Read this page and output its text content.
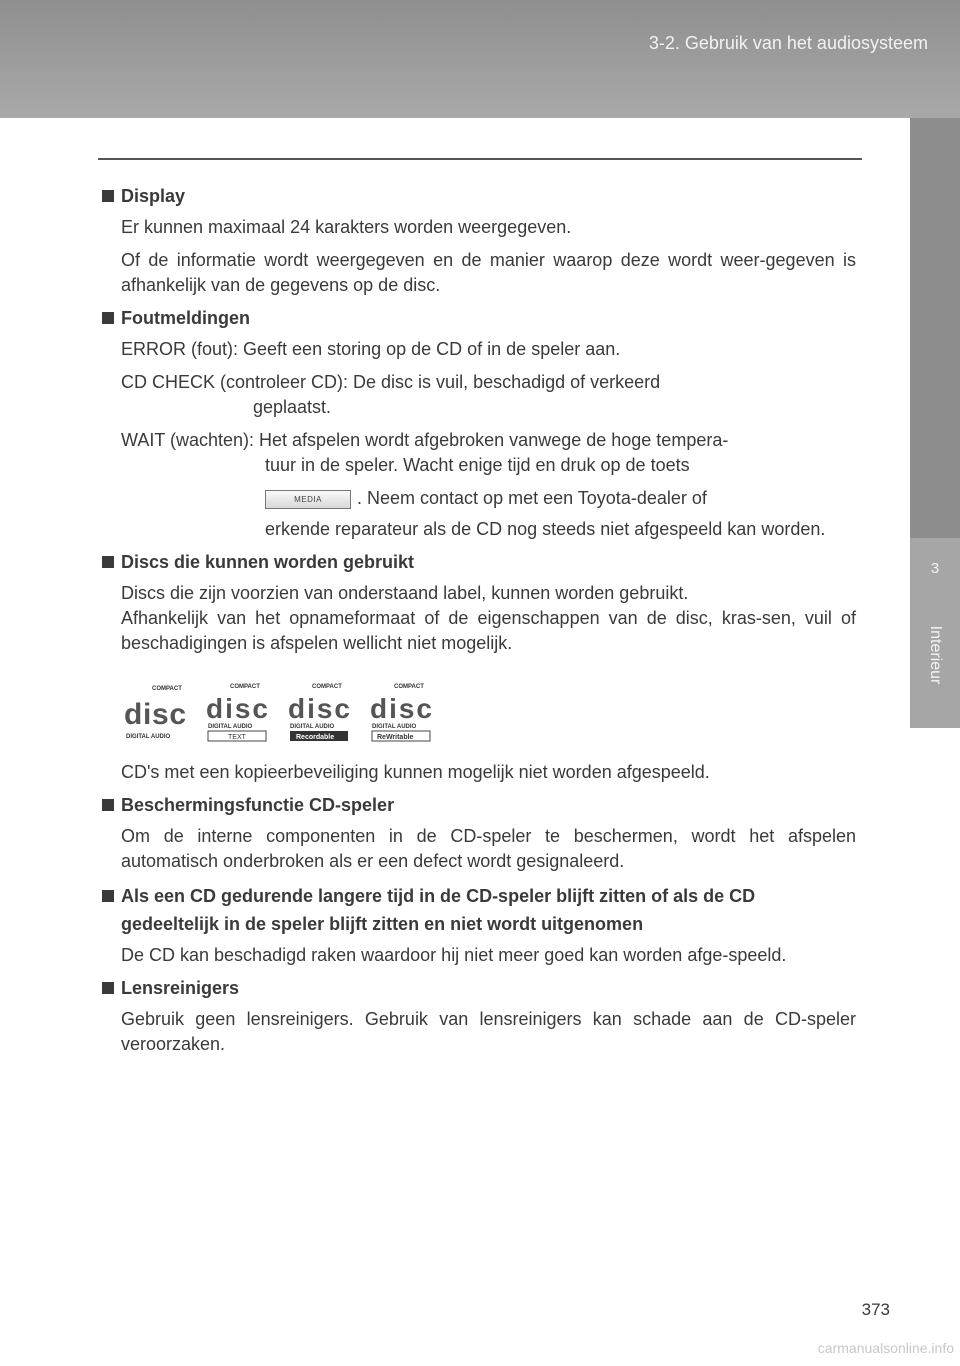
3-2. Gebruik van het audiosysteem
3
Interieur
Display
Er kunnen maximaal 24 karakters worden weergegeven.
Of de informatie wordt weergegeven en de manier waarop deze wordt weer-gegeven is afhankelijk van de gegevens op de disc.
Foutmeldingen
ERROR (fout): Geeft een storing op de CD of in de speler aan.
CD CHECK (controleer CD): De disc is vuil, beschadigd of verkeerd
geplaatst.
WAIT (wachten): Het afspelen wordt afgebroken vanwege de hoge tempera-
tuur in de speler. Wacht enige tijd en druk op de toets
MEDIA . Neem contact op met een Toyota-dealer of
erkende reparateur als de CD nog steeds niet afgespeeld kan worden.
Discs die kunnen worden gebruikt
Discs die zijn voorzien van onderstaand label, kunnen worden gebruikt.
Afhankelijk van het opnameformaat of de eigenschappen van de disc, kras-sen, vuil of beschadigingen is afspelen wellicht niet mogelijk.
COMPACT
disc
DIGITAL AUDIO
COMPACT
disc
DIGITAL AUDIO
TEXT
COMPACT
disc
DIGITAL AUDIO
Recordable
COMPACT
disc
DIGITAL AUDIO
ReWritable
CD's met een kopieerbeveiliging kunnen mogelijk niet worden afgespeeld.
Beschermingsfunctie CD-speler
Om de interne componenten in de CD-speler te beschermen, wordt het afspelen automatisch onderbroken als er een defect wordt gesignaleerd.
Als een CD gedurende langere tijd in de CD-speler blijft zitten of als de CD gedeeltelijk in de speler blijft zitten en niet wordt uitgenomen
De CD kan beschadigd raken waardoor hij niet meer goed kan worden afge-speeld.
Lensreinigers
Gebruik geen lensreinigers. Gebruik van lensreinigers kan schade aan de CD-speler veroorzaken.
373
carmanualsonline.info
